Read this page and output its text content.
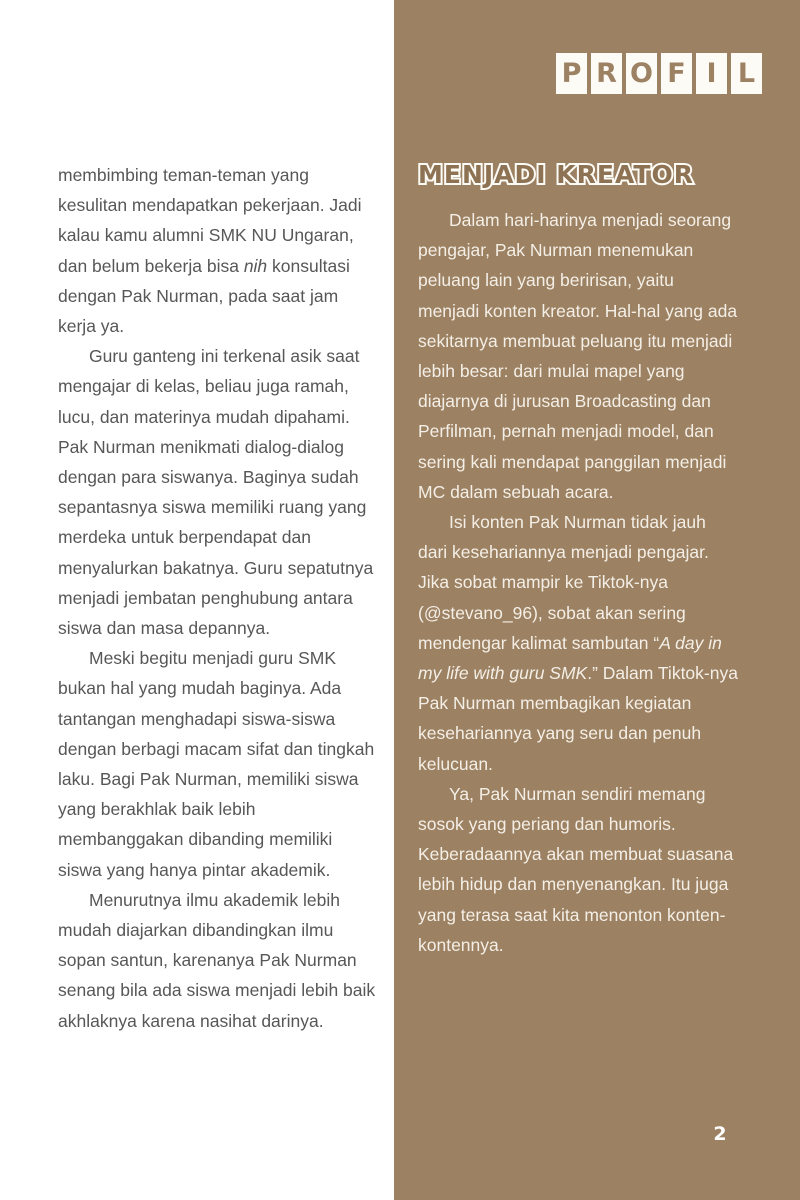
P R O F I L
MENJADI KREATOR

membimbing teman-teman yang kesulitan mendapatkan pekerjaan. Jadi kalau kamu alumni SMK NU Ungaran, dan belum bekerja bisa nih konsultasi dengan Pak Nurman, pada saat jam kerja ya.

Guru ganteng ini terkenal asik saat mengajar di kelas, beliau juga ramah, lucu, dan materinya mudah dipahami. Pak Nurman menikmati dialog-dialog dengan para siswanya. Baginya sudah sepantasnya siswa memiliki ruang yang merdeka untuk berpendapat dan menyalurkan bakatnya. Guru sepatutnya menjadi jembatan penghubung antara siswa dan masa depannya.

Meski begitu menjadi guru SMK bukan hal yang mudah baginya. Ada tantangan menghadapi siswa-siswa dengan berbagi macam sifat dan tingkah laku. Bagi Pak Nurman, memiliki siswa yang berakhlak baik lebih membanggakan dibanding memiliki siswa yang hanya pintar akademik.

Menurutnya ilmu akademik lebih mudah diajarkan dibandingkan ilmu sopan santun, karenanya Pak Nurman senang bila ada siswa menjadi lebih baik akhlaknya karena nasihat darinya.

Dalam hari-harinya menjadi seorang pengajar, Pak Nurman menemukan peluang lain yang beririsan, yaitu menjadi konten kreator. Hal-hal yang ada sekitarnya membuat peluang itu menjadi lebih besar: dari mulai mapel yang diajarnya di jurusan Broadcasting dan Perfilman, pernah menjadi model, dan sering kali mendapat panggilan menjadi MC dalam sebuah acara.

Isi konten Pak Nurman tidak jauh dari kesehariannya menjadi pengajar. Jika sobat mampir ke Tiktok-nya (@stevano_96), sobat akan sering mendengar kalimat sambutan “A day in my life with guru SMK.” Dalam Tiktok-nya Pak Nurman membagikan kegiatan kesehariannya yang seru dan penuh kelucuan.

Ya, Pak Nurman sendiri memang sosok yang periang dan humoris. Keberadaannya akan membuat suasana lebih hidup dan menyenangkan. Itu juga yang terasa saat kita menonton konten-kontennya.

2
